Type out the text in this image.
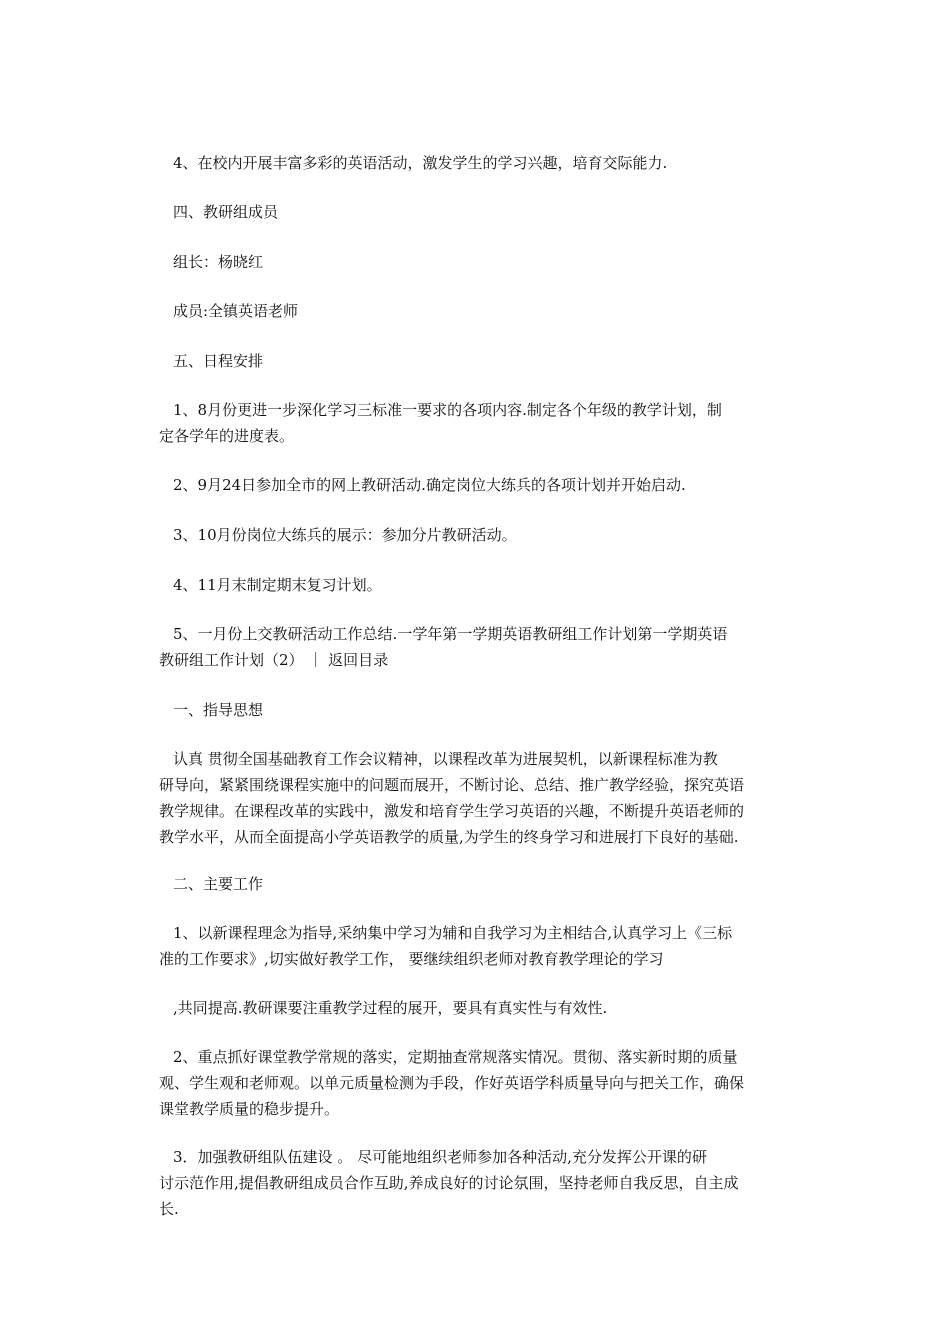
4、在校内开展丰富多彩的英语活动，激发学生的学习兴趣，培育交际能力.

四、教研组成员

组长：杨晓红

成员:全镇英语老师

五、日程安排

1、8月份更进一步深化学习三标准一要求的各项内容.制定各个年级的教学计划，制
定各学年的进度表。

2、9月24日参加全市的网上教研活动.确定岗位大练兵的各项计划并开始启动.

3、10月份岗位大练兵的展示：参加分片教研活动。

4、11月末制定期末复习计划。

5、一月份上交教研活动工作总结.一学年第一学期英语教研组工作计划第一学期英语
教研组工作计划（2） ｜ 返回目录

一、指导思想

认真 贯彻全国基础教育工作会议精神，以课程改革为进展契机，以新课程标准为教
研导向，紧紧围绕课程实施中的问题而展开，不断讨论、总结、推广教学经验，探究英语
教学规律。在课程改革的实践中，激发和培育学生学习英语的兴趣，不断提升英语老师的
教学水平，从而全面提高小学英语教学的质量,为学生的终身学习和进展打下良好的基础.

二、主要工作

1、以新课程理念为指导,采纳集中学习为辅和自我学习为主相结合,认真学习上《三标
准的工作要求》,切实做好教学工作， 要继续组织老师对教育教学理论的学习

,共同提高.教研课要注重教学过程的展开，要具有真实性与有效性.

2、重点抓好课堂教学常规的落实，定期抽查常规落实情况。贯彻、落实新时期的质量
观、学生观和老师观。以单元质量检测为手段，作好英语学科质量导向与把关工作，确保
课堂教学质量的稳步提升。

3．加强教研组队伍建设 。 尽可能地组织老师参加各种活动,充分发挥公开课的研
讨示范作用,提倡教研组成员合作互助,养成良好的讨论氛围，坚持老师自我反思，自主成
长.
